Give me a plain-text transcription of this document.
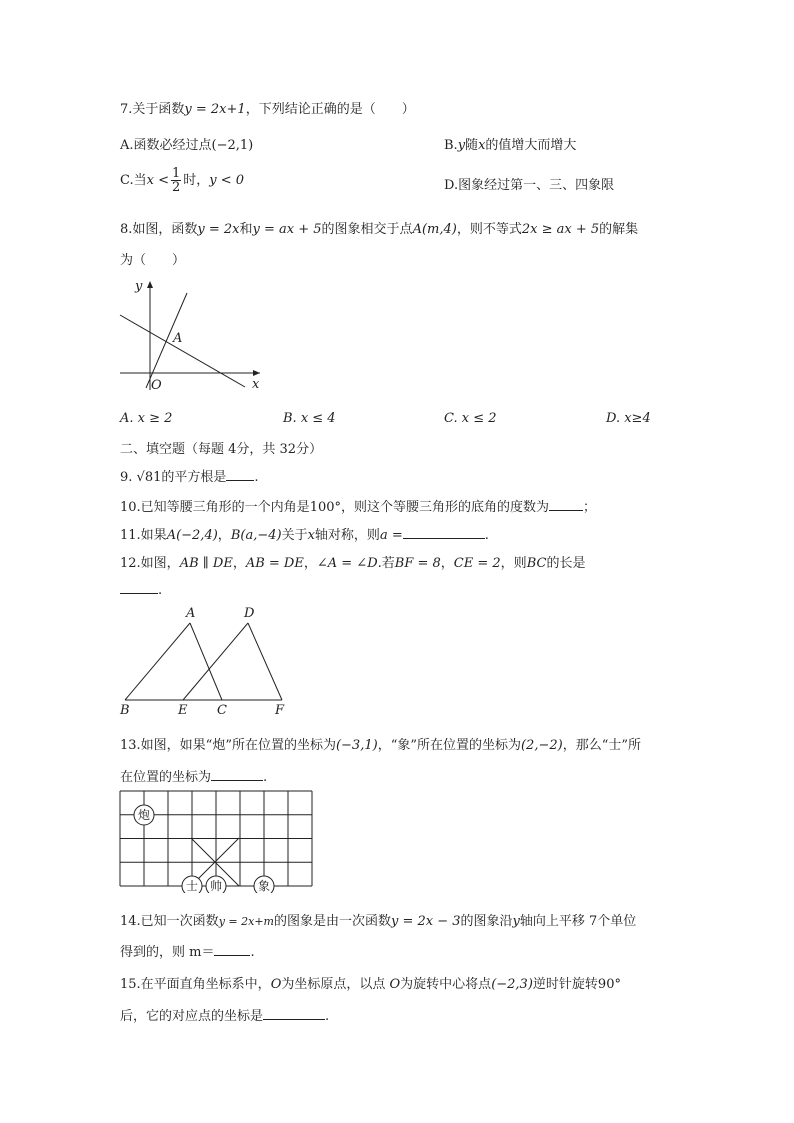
7.关于函数y = 2x+1，下列结论正确的是（　　）
A.函数必经过点(−2,1)	B.y随x的值增大而增大
C.当$x < \frac{1}{2}$ 时，y < 0	D.图象经过第一、三、四象限
8.如图，函数y = 2x和y = ax + 5的图象相交于点A(m,4)，则不等式2x ≥ ax + 5的解集
为（　　）
y
A
O	x
A. x ≥ 2	B. x ≤ 4	C. x ≤ 2	D. x≥4
二、填空题（每题 4分，共 32分）
9. √81的平方根是 .
10.已知等腰三角形的一个内角是100°，则这个等腰三角形的底角的度数为	；
11.如果A(−2,4)，B(a,−4)关于x轴对称，则a =	.
12.如图，AB ∥ DE，AB = DE，∠A = ∠D.若BF = 8，CE = 2，则BC的长是
.
A	D
B	E C	F
13.如图，如果“炮”所在位置的坐标为(−3,1)，“象”所在位置的坐标为(2,−2)，那么“士”所
在位置的坐标为	.
炮
士 帅	象
14.已知一次函数y = 2x+m的图象是由一次函数y = 2x − 3的图象沿y轴向上平移 7个单位
得到的，则 m＝	.
15.在平面直角坐标系中，O为坐标原点，以点 O为旋转中心将点(−2,3)逆时针旋转90°
后，它的对应点的坐标是	.
